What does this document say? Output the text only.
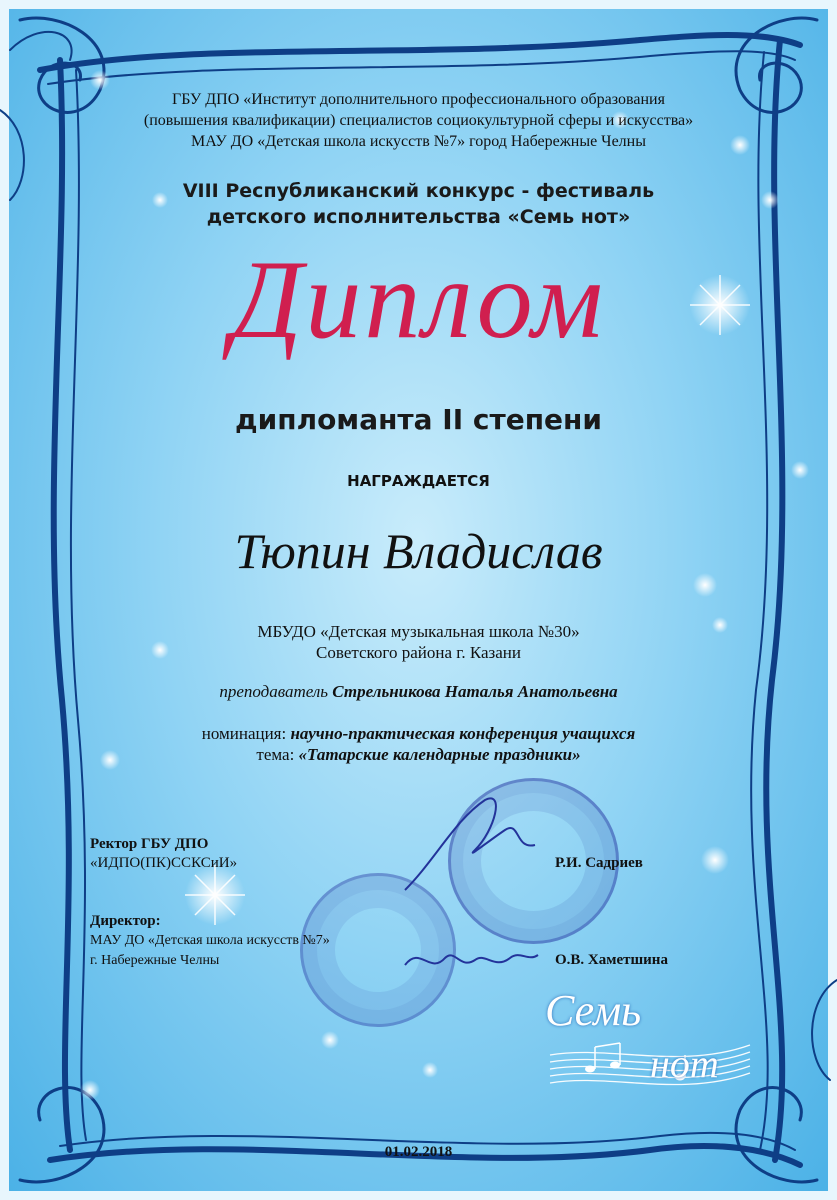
ГБУ ДПО «Институт дополнительного профессионального образования
(повышения квалификации) специалистов социокультурной сферы и искусства»
МАУ ДО «Детская школа искусств №7» город Набережные Челны
VIII Республиканский конкурс - фестиваль
детского исполнительства «Семь нот»
Диплом
дипломанта II степени
НАГРАЖДАЕТСЯ
Тюпин Владислав
МБУДО «Детская музыкальная школа №30»
Советского района г. Казани
преподаватель Стрельникова Наталья Анатольевна
номинация: научно-практическая конференция учащихся
тема: «Татарские календарные праздники»
Ректор ГБУ ДПО
«ИДПО(ПК)ССКСиИ»	Р.И. Садриев
Директор:
МАУ ДО «Детская школа искусств №7»
г. Набережные Челны	О.В. Хаметшина
Семь
нот
01.02.2018
